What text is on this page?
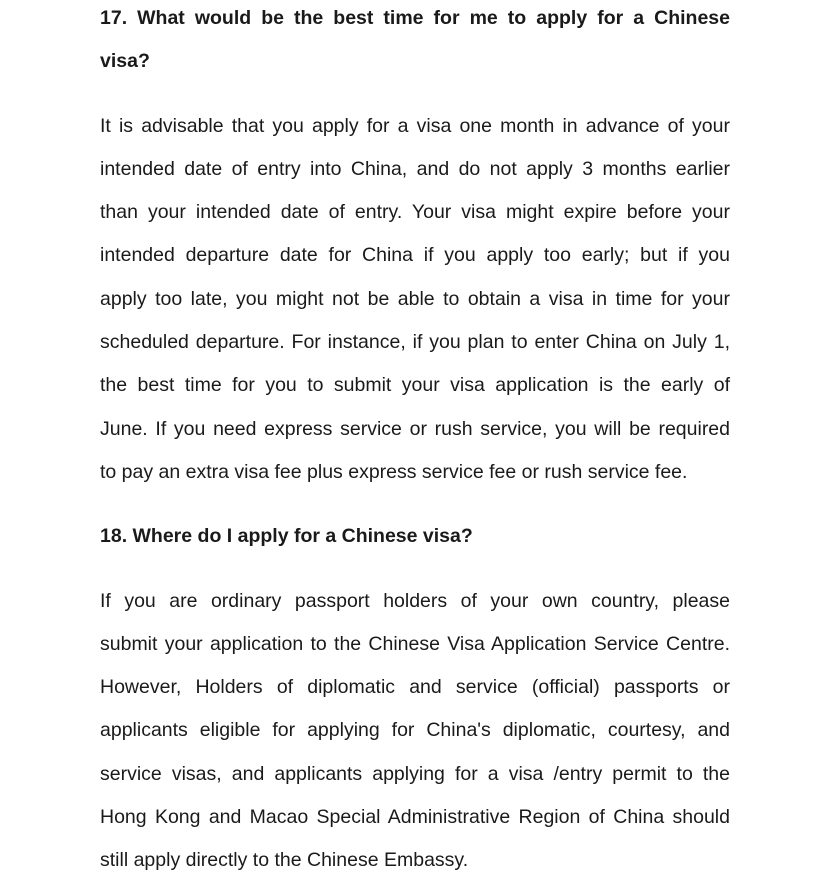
17. What would be the best time for me to apply for a Chinese
visa?

It is advisable that you apply for a visa one month in advance of your
intended date of entry into China, and do not apply 3 months earlier
than your intended date of entry. Your visa might expire before your
intended departure date for China if you apply too early; but if you
apply too late, you might not be able to obtain a visa in time for your
scheduled departure. For instance, if you plan to enter China on July 1,
the best time for you to submit your visa application is the early of
June. If you need express service or rush service, you will be required
to pay an extra visa fee plus express service fee or rush service fee.

18. Where do I apply for a Chinese visa?

If you are ordinary passport holders of your own country, please
submit your application to the Chinese Visa Application Service Centre.
However, Holders of diplomatic and service (official) passports or
applicants eligible for applying for China's diplomatic, courtesy, and
service visas, and applicants applying for a visa /entry permit to the
Hong Kong and Macao Special Administrative Region of China should
still apply directly to the Chinese Embassy.
